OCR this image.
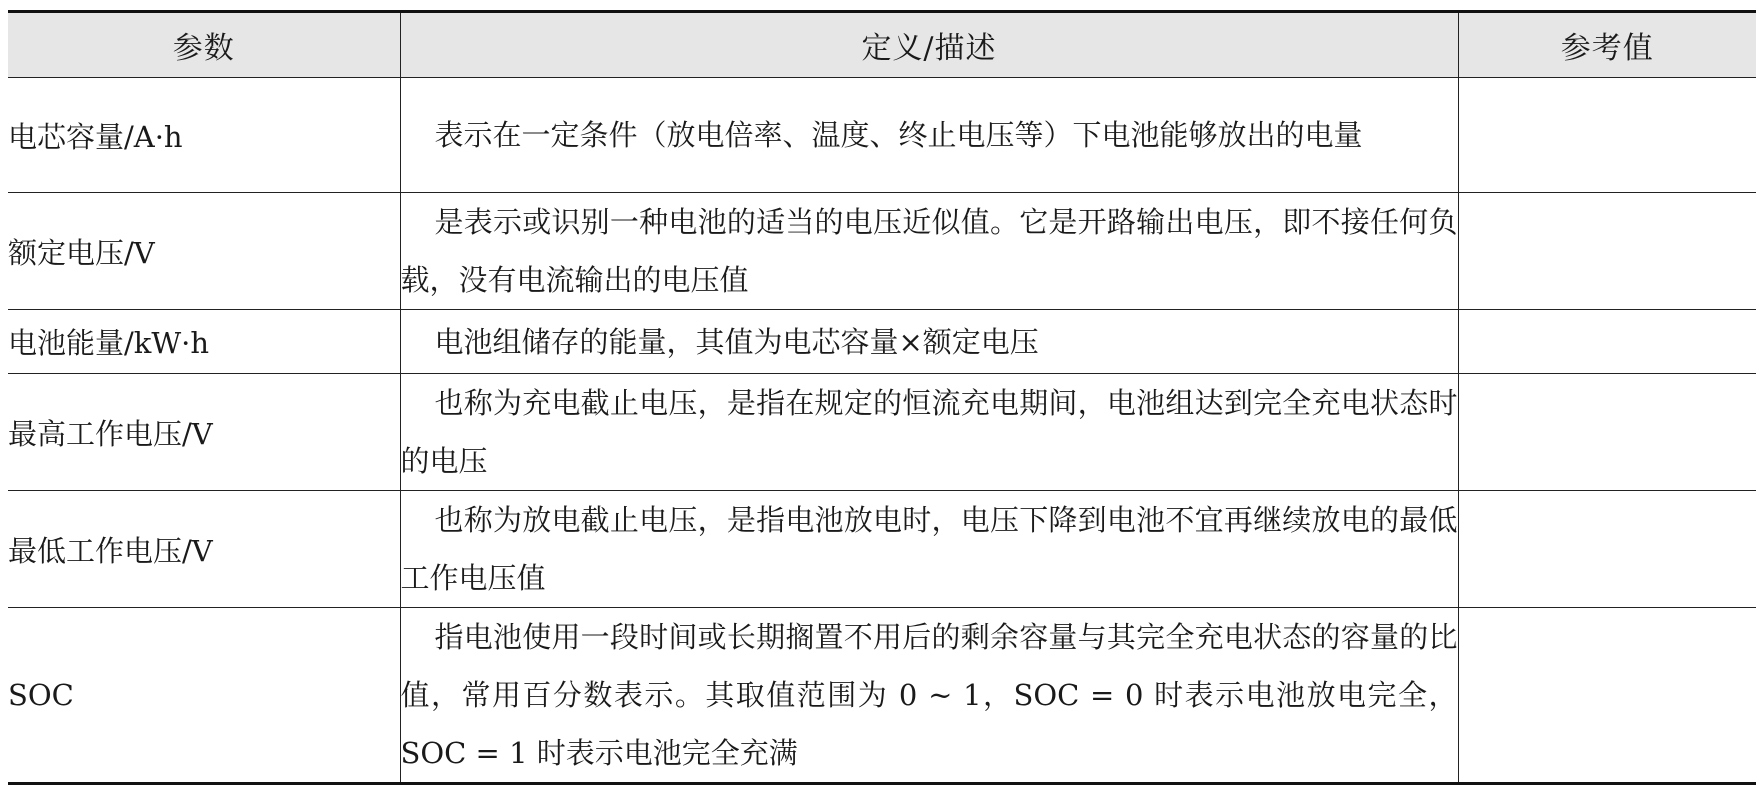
参数	定义/描述	参考值
电芯容量/A·h	表示在一定条件（放电倍率、温度、终止电压等）下电池能够放出的电量	
额定电压/V	是表示或识别一种电池的适当的电压近似值。它是开路输出电压，即不接任何负载，没有电流输出的电压值	
电池能量/kW·h	电池组储存的能量，其值为电芯容量×额定电压	
最高工作电压/V	也称为充电截止电压，是指在规定的恒流充电期间，电池组达到完全充电状态时的电压	
最低工作电压/V	也称为放电截止电压，是指电池放电时，电压下降到电池不宜再继续放电的最低工作电压值	
SOC	指电池使用一段时间或长期搁置不用后的剩余容量与其完全充电状态的容量的比值，常用百分数表示。其取值范围为 0 ~ 1，SOC = 0 时表示电池放电完全，SOC = 1 时表示电池完全充满	
